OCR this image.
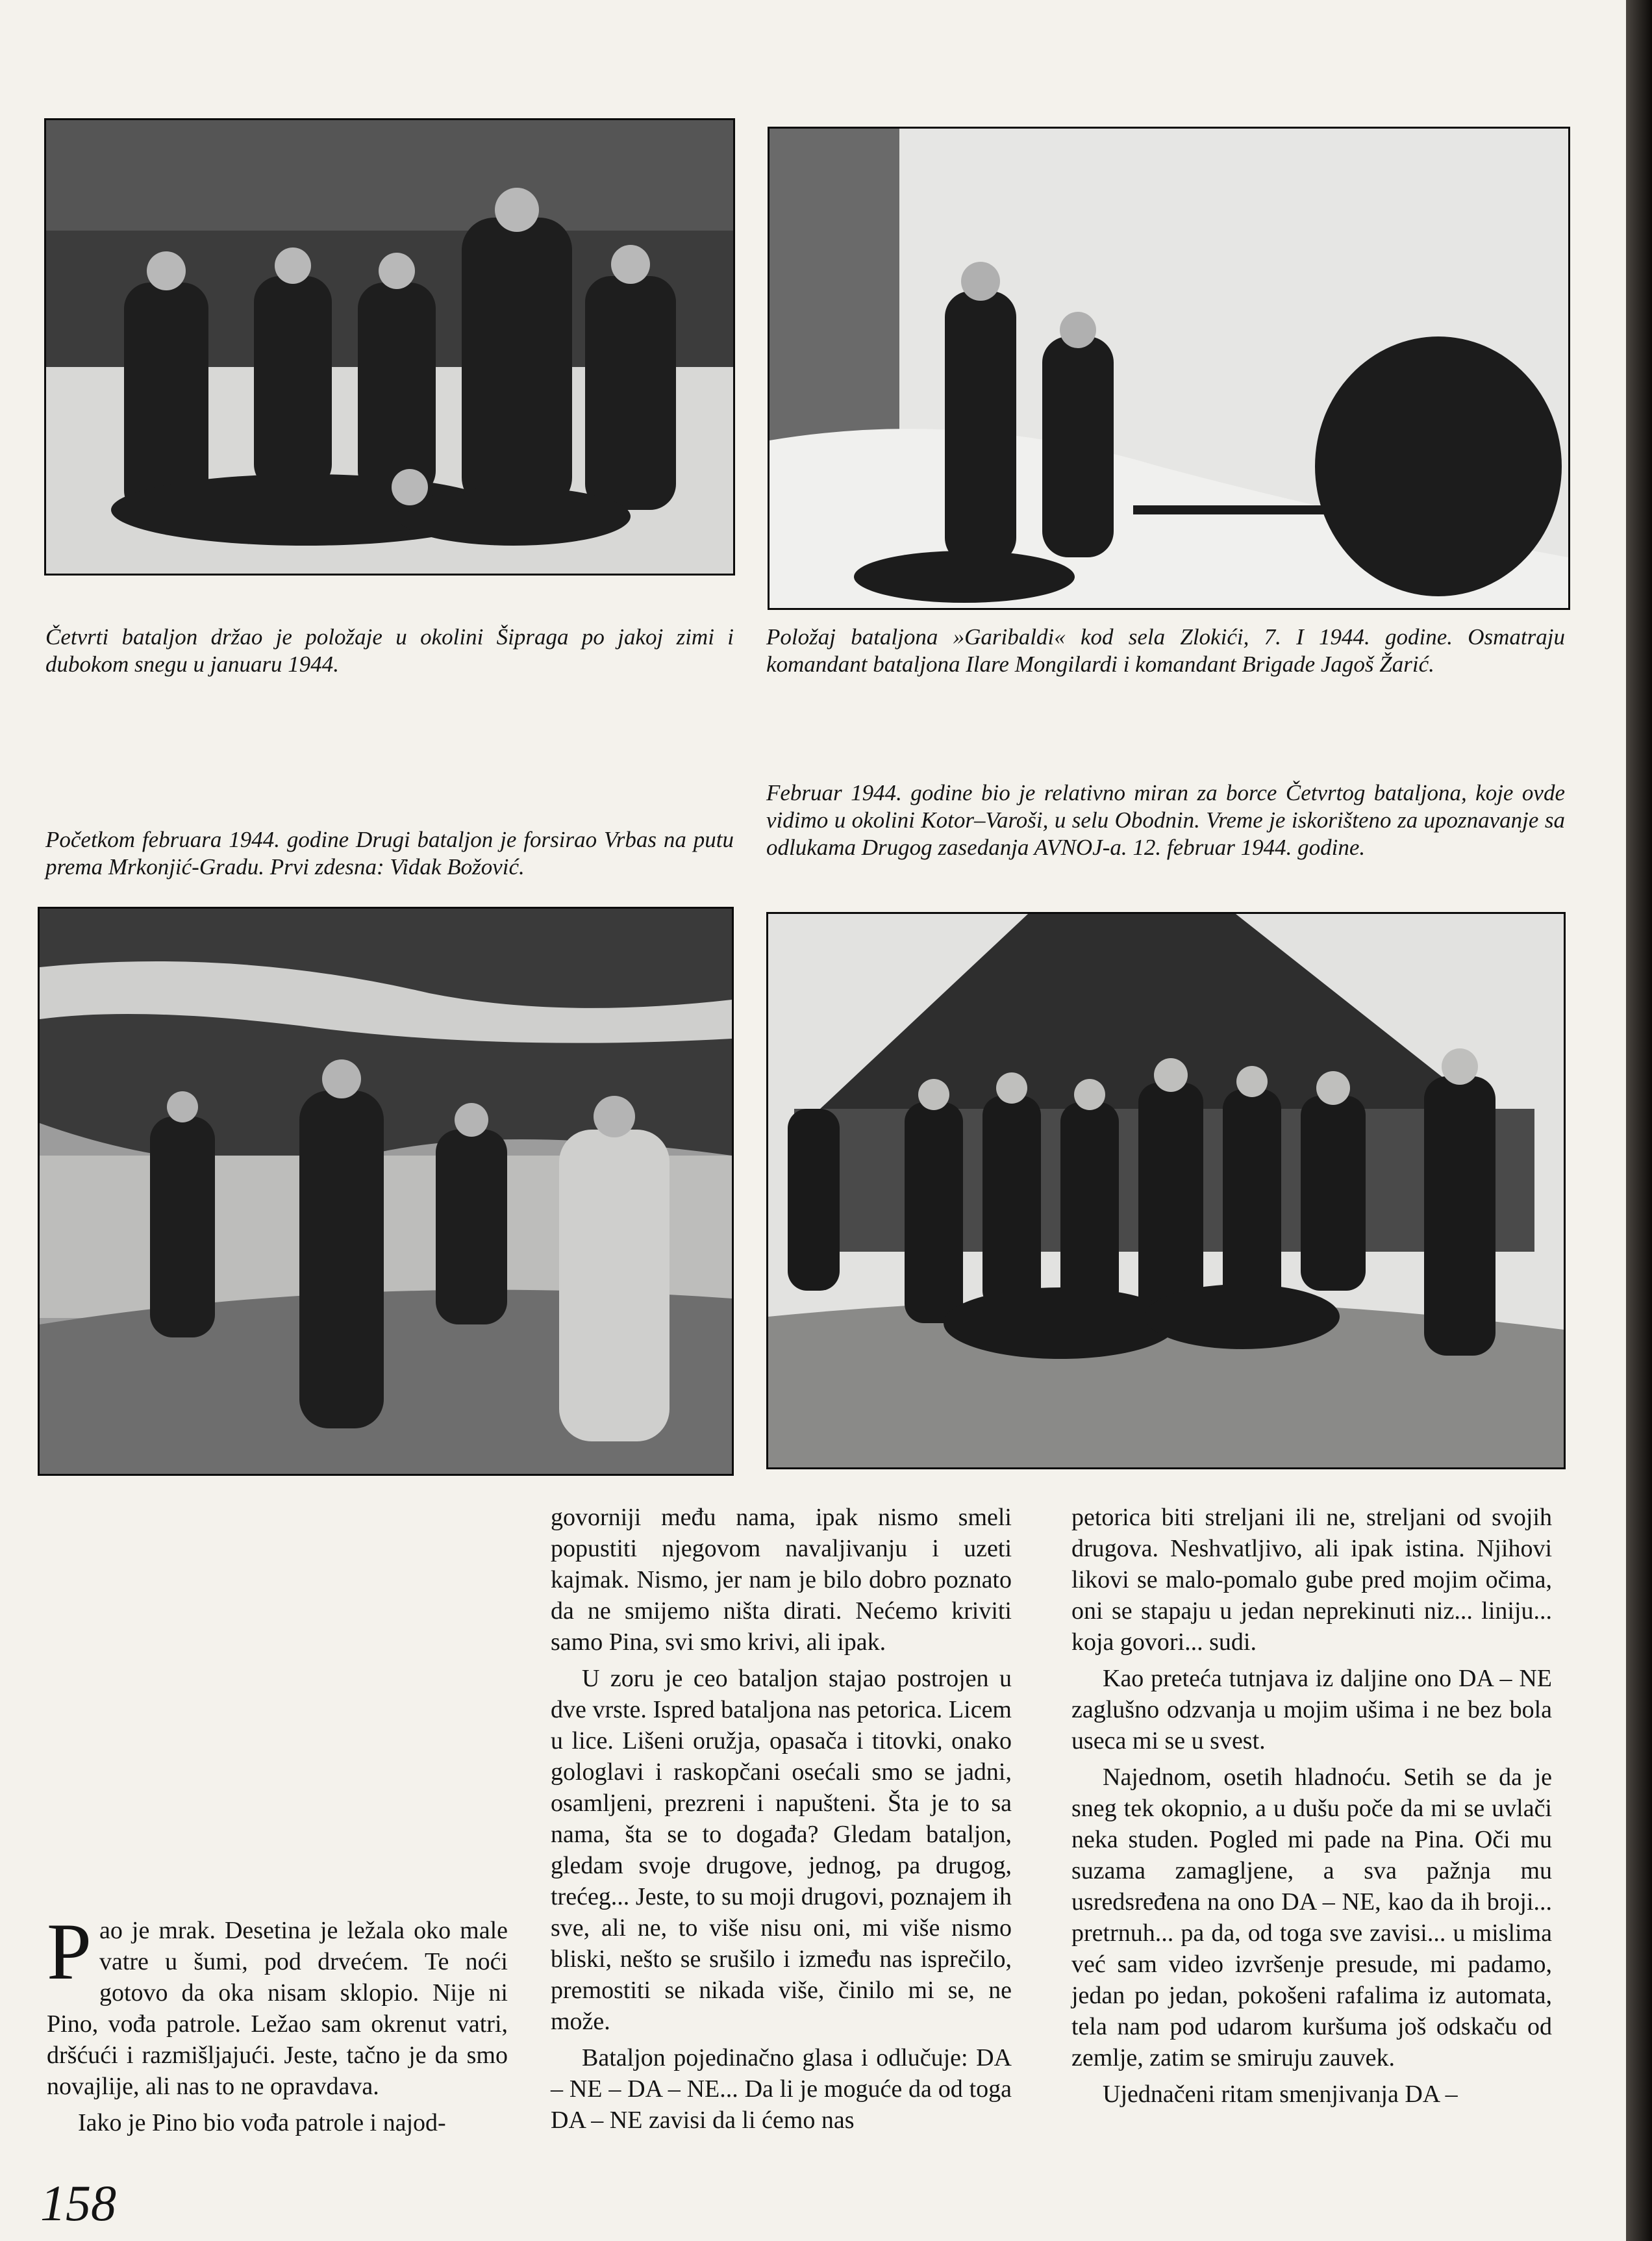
Četvrti bataljon držao je položaje u okolini Šipraga po jakoj zimi i dubokom snegu u januaru 1944.
Položaj bataljona »Garibaldi« kod sela Zlokići, 7. I 1944. godine. Osmatraju komandant bataljona Ilare Mongilardi i komandant Brigade Jagoš Žarić.
Početkom februara 1944. godine Drugi bataljon je forsirao Vrbas na putu prema Mrkonjić-Gradu. Prvi zdesna: Vidak Božović.
Februar 1944. godine bio je relativno miran za borce Četvrtog bataljona, koje ovde vidimo u okolini Kotor–Varoši, u selu Obodnin. Vreme je iskorišteno za upoznavanje sa odlukama Drugog zasedanja AVNOJ-a. 12. februar 1944. godine.

Pao je mrak. Desetina je ležala oko male vatre u šumi, pod drvećem. Te noći gotovo da oka nisam sklopio. Nije ni Pino, vođa patrole. Ležao sam okrenut vatri, dršćući i razmišljajući. Jeste, tačno je da smo novajlije, ali nas to ne opravdava.

Iako je Pino bio vođa patrole i najod-

govorniji među nama, ipak nismo smeli popustiti njegovom navaljivanju i uzeti kajmak. Nismo, jer nam je bilo dobro poznato da ne smijemo ništa dirati. Nećemo kriviti samo Pina, svi smo krivi, ali ipak.

U zoru je ceo bataljon stajao postrojen u dve vrste. Ispred bataljona nas petorica. Licem u lice. Lišeni oružja, opasača i titovki, onako gologlavi i raskopčani osećali smo se jadni, osamljeni, prezreni i napušteni. Šta je to sa nama, šta se to događa? Gledam bataljon, gledam svoje drugove, jednog, pa drugog, trećeg... Jeste, to su moji drugovi, poznajem ih sve, ali ne, to više nisu oni, mi više nismo bliski, nešto se srušilo i između nas isprečilo, premostiti se nikada više, činilo mi se, ne može.

Bataljon pojedinačno glasa i odlučuje: DA – NE – DA – NE... Da li je moguće da od toga DA – NE zavisi da li ćemo nas

petorica biti streljani ili ne, streljani od svojih drugova. Neshvatljivo, ali ipak istina. Njihovi likovi se malo-pomalo gube pred mojim očima, oni se stapaju u jedan neprekinuti niz... liniju... koja govori... sudi.

Kao preteća tutnjava iz daljine ono DA – NE zaglušno odzvanja u mojim ušima i ne bez bola useca mi se u svest.

Najednom, osetih hladnoću. Setih se da je sneg tek okopnio, a u dušu poče da mi se uvlači neka studen. Pogled mi pade na Pina. Oči mu suzama zamagljene, a sva pažnja mu usredsređena na ono DA – NE, kao da ih broji... pretrnuh... pa da, od toga sve zavisi... u mislima već sam video izvršenje presude, mi padamo, jedan po jedan, pokošeni rafalima iz automata, tela nam pod udarom kuršuma još odskaču od zemlje, zatim se smiruju zauvek.

Ujednačeni ritam smenjivanja DA –

158
